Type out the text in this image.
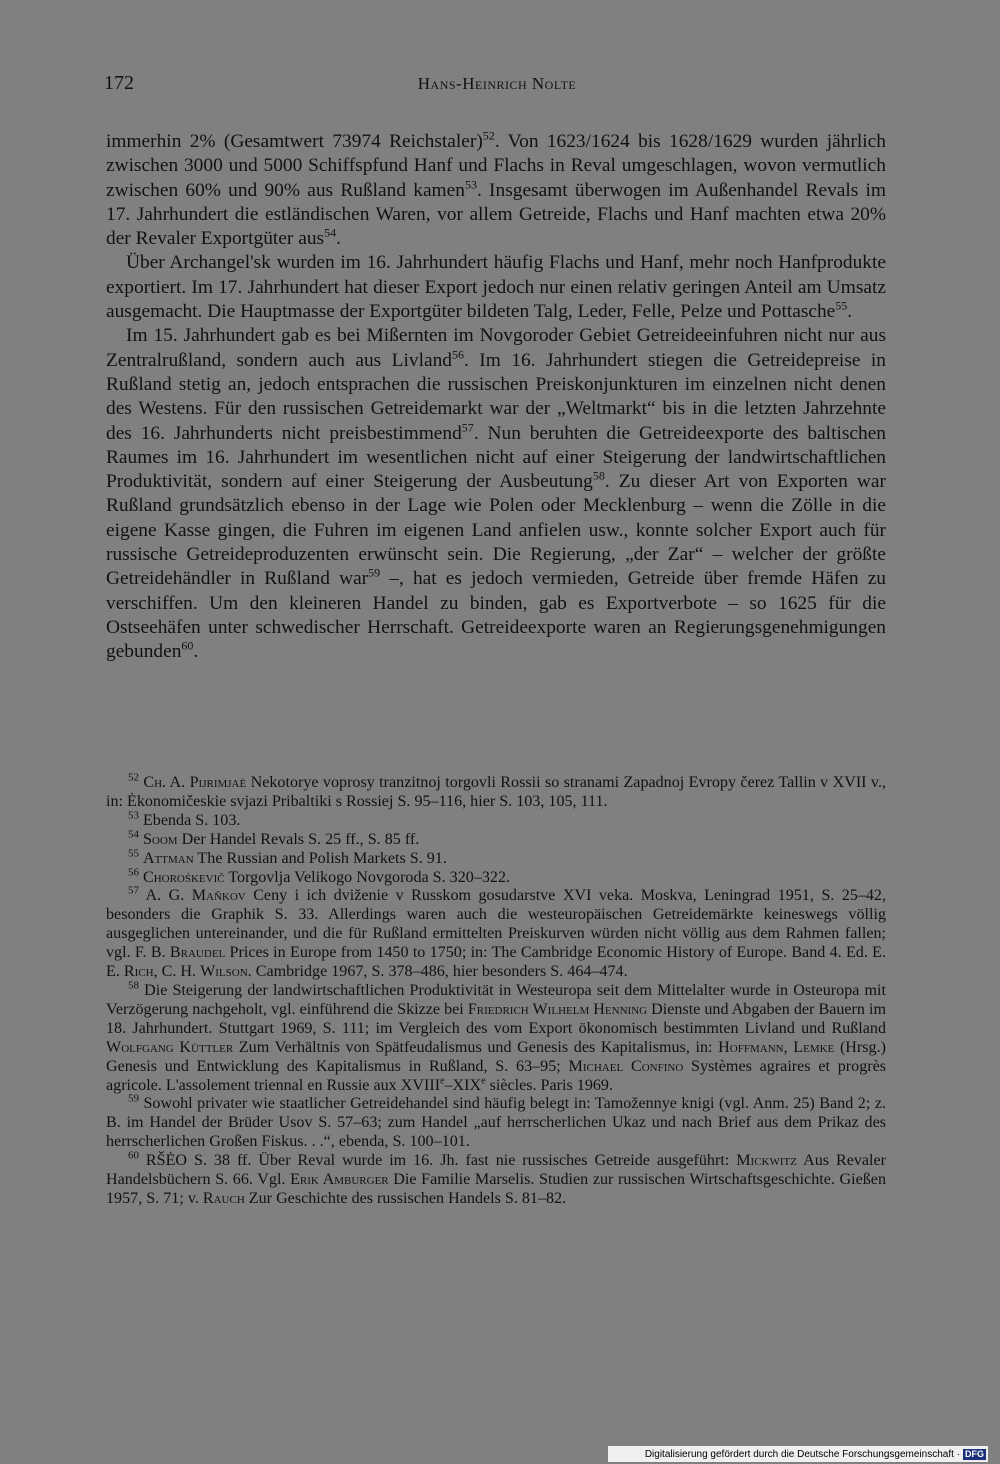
172	Hans-Heinrich Nolte

immerhin 2% (Gesamtwert 73974 Reichstaler)$^{52}$. Von 1623/1624 bis 1628/1629 wurden jährlich zwischen 3000 und 5000 Schiffspfund Hanf und Flachs in Reval umgeschlagen, wovon vermutlich zwischen 60% und 90% aus Rußland kamen$^{53}$. Insgesamt überwogen im Außenhandel Revals im 17. Jahrhundert die estländischen Waren, vor allem Getreide, Flachs und Hanf machten etwa 20% der Revaler Exportgüter aus$^{54}$.

Über Archangel'sk wurden im 16. Jahrhundert häufig Flachs und Hanf, mehr noch Hanfprodukte exportiert. Im 17. Jahrhundert hat dieser Export jedoch nur einen relativ geringen Anteil am Umsatz ausgemacht. Die Hauptmasse der Exportgüter bildeten Talg, Leder, Felle, Pelze und Pottasche$^{55}$.

Im 15. Jahrhundert gab es bei Mißernten im Novgoroder Gebiet Getreideeinfuhren nicht nur aus Zentralrußland, sondern auch aus Livland$^{56}$. Im 16. Jahrhundert stiegen die Getreidepreise in Rußland stetig an, jedoch entsprachen die russischen Preiskonjunkturen im einzelnen nicht denen des Westens. Für den russischen Getreidemarkt war der „Weltmarkt“ bis in die letzten Jahrzehnte des 16. Jahrhunderts nicht preisbestimmend$^{57}$. Nun beruhten die Getreideexporte des baltischen Raumes im 16. Jahrhundert im wesentlichen nicht auf einer Steigerung der landwirtschaftlichen Produktivität, sondern auf einer Steigerung der Ausbeutung$^{58}$. Zu dieser Art von Exporten war Rußland grundsätzlich ebenso in der Lage wie Polen oder Mecklenburg – wenn die Zölle in die eigene Kasse gingen, die Fuhren im eigenen Land anfielen usw., konnte solcher Export auch für russische Getreideproduzenten erwünscht sein. Die Regierung, „der Zar“ – welcher der größte Getreidehändler in Rußland war$^{59}$ –, hat es jedoch vermieden, Getreide über fremde Häfen zu verschiffen. Um den kleineren Handel zu binden, gab es Exportverbote – so 1625 für die Ostseehäfen unter schwedischer Herrschaft. Getreideexporte waren an Regierungsgenehmigungen gebunden$^{60}$.

$^{52}$ Ch. A. Pijrimjaė Nekotorye voprosy tranzitnoj torgovli Rossii so stranami Zapadnoj Evropy čerez Tallin v XVII v., in: Ėkonomičeskie svjazi Pribaltiki s Rossiej S. 95–116, hier S. 103, 105, 111.

$^{53}$ Ebenda S. 103.

$^{54}$ Soom Der Handel Revals S. 25 ff., S. 85 ff.

$^{55}$ Attman The Russian and Polish Markets S. 91.

$^{56}$ Chorośkevič Torgovlja Velikogo Novgoroda S. 320–322.

$^{57}$ A. G. Maňkov Ceny i ich dviženie v Russkom gosudarstve XVI veka. Moskva, Leningrad 1951, S. 25–42, besonders die Graphik S. 33. Allerdings waren auch die westeuropäischen Getreidemärkte keineswegs völlig ausgeglichen untereinander, und die für Rußland ermittelten Preiskurven würden nicht völlig aus dem Rahmen fallen; vgl. F. B. Braudel Prices in Europe from 1450 to 1750; in: The Cambridge Economic History of Europe. Band 4. Ed. E. E. Rich, C. H. Wilson. Cambridge 1967, S. 378–486, hier besonders S. 464–474.

$^{58}$ Die Steigerung der landwirtschaftlichen Produktivität in Westeuropa seit dem Mittelalter wurde in Osteuropa mit Verzögerung nachgeholt, vgl. einführend die Skizze bei Friedrich Wilhelm Henning Dienste und Abgaben der Bauern im 18. Jahrhundert. Stuttgart 1969, S. 111; im Vergleich des vom Export ökonomisch bestimmten Livland und Rußland Wolfgang Küttler Zum Verhältnis von Spätfeudalismus und Genesis des Kapitalismus, in: Hoffmann, Lemke (Hrsg.) Genesis und Entwicklung des Kapitalismus in Rußland, S. 63–95; Michael Confino Systèmes agraires et progrès agricole. L'assolement triennal en Russie aux XVIIIe–XIXe siècles. Paris 1969.

$^{59}$ Sowohl privater wie staatlicher Getreidehandel sind häufig belegt in: Tamožennye knigi (vgl. Anm. 25) Band 2; z. B. im Handel der Brüder Usov S. 57–63; zum Handel „auf herrscherlichen Ukaz und nach Brief aus dem Prikaz des herrscherlichen Großen Fiskus. . .“, ebenda, S. 100–101.

$^{60}$ RŠĖO S. 38 ff. Über Reval wurde im 16. Jh. fast nie russisches Getreide ausgeführt: Mickwitz Aus Revaler Handelsbüchern S. 66. Vgl. Erik Amburger Die Familie Marselis. Studien zur russischen Wirtschaftsgeschichte. Gießen 1957, S. 71; v. Rauch Zur Geschichte des russischen Handels S. 81–82.

Digitalisierung gefördert durch die Deutsche Forschungsgemeinschaft · DFG
